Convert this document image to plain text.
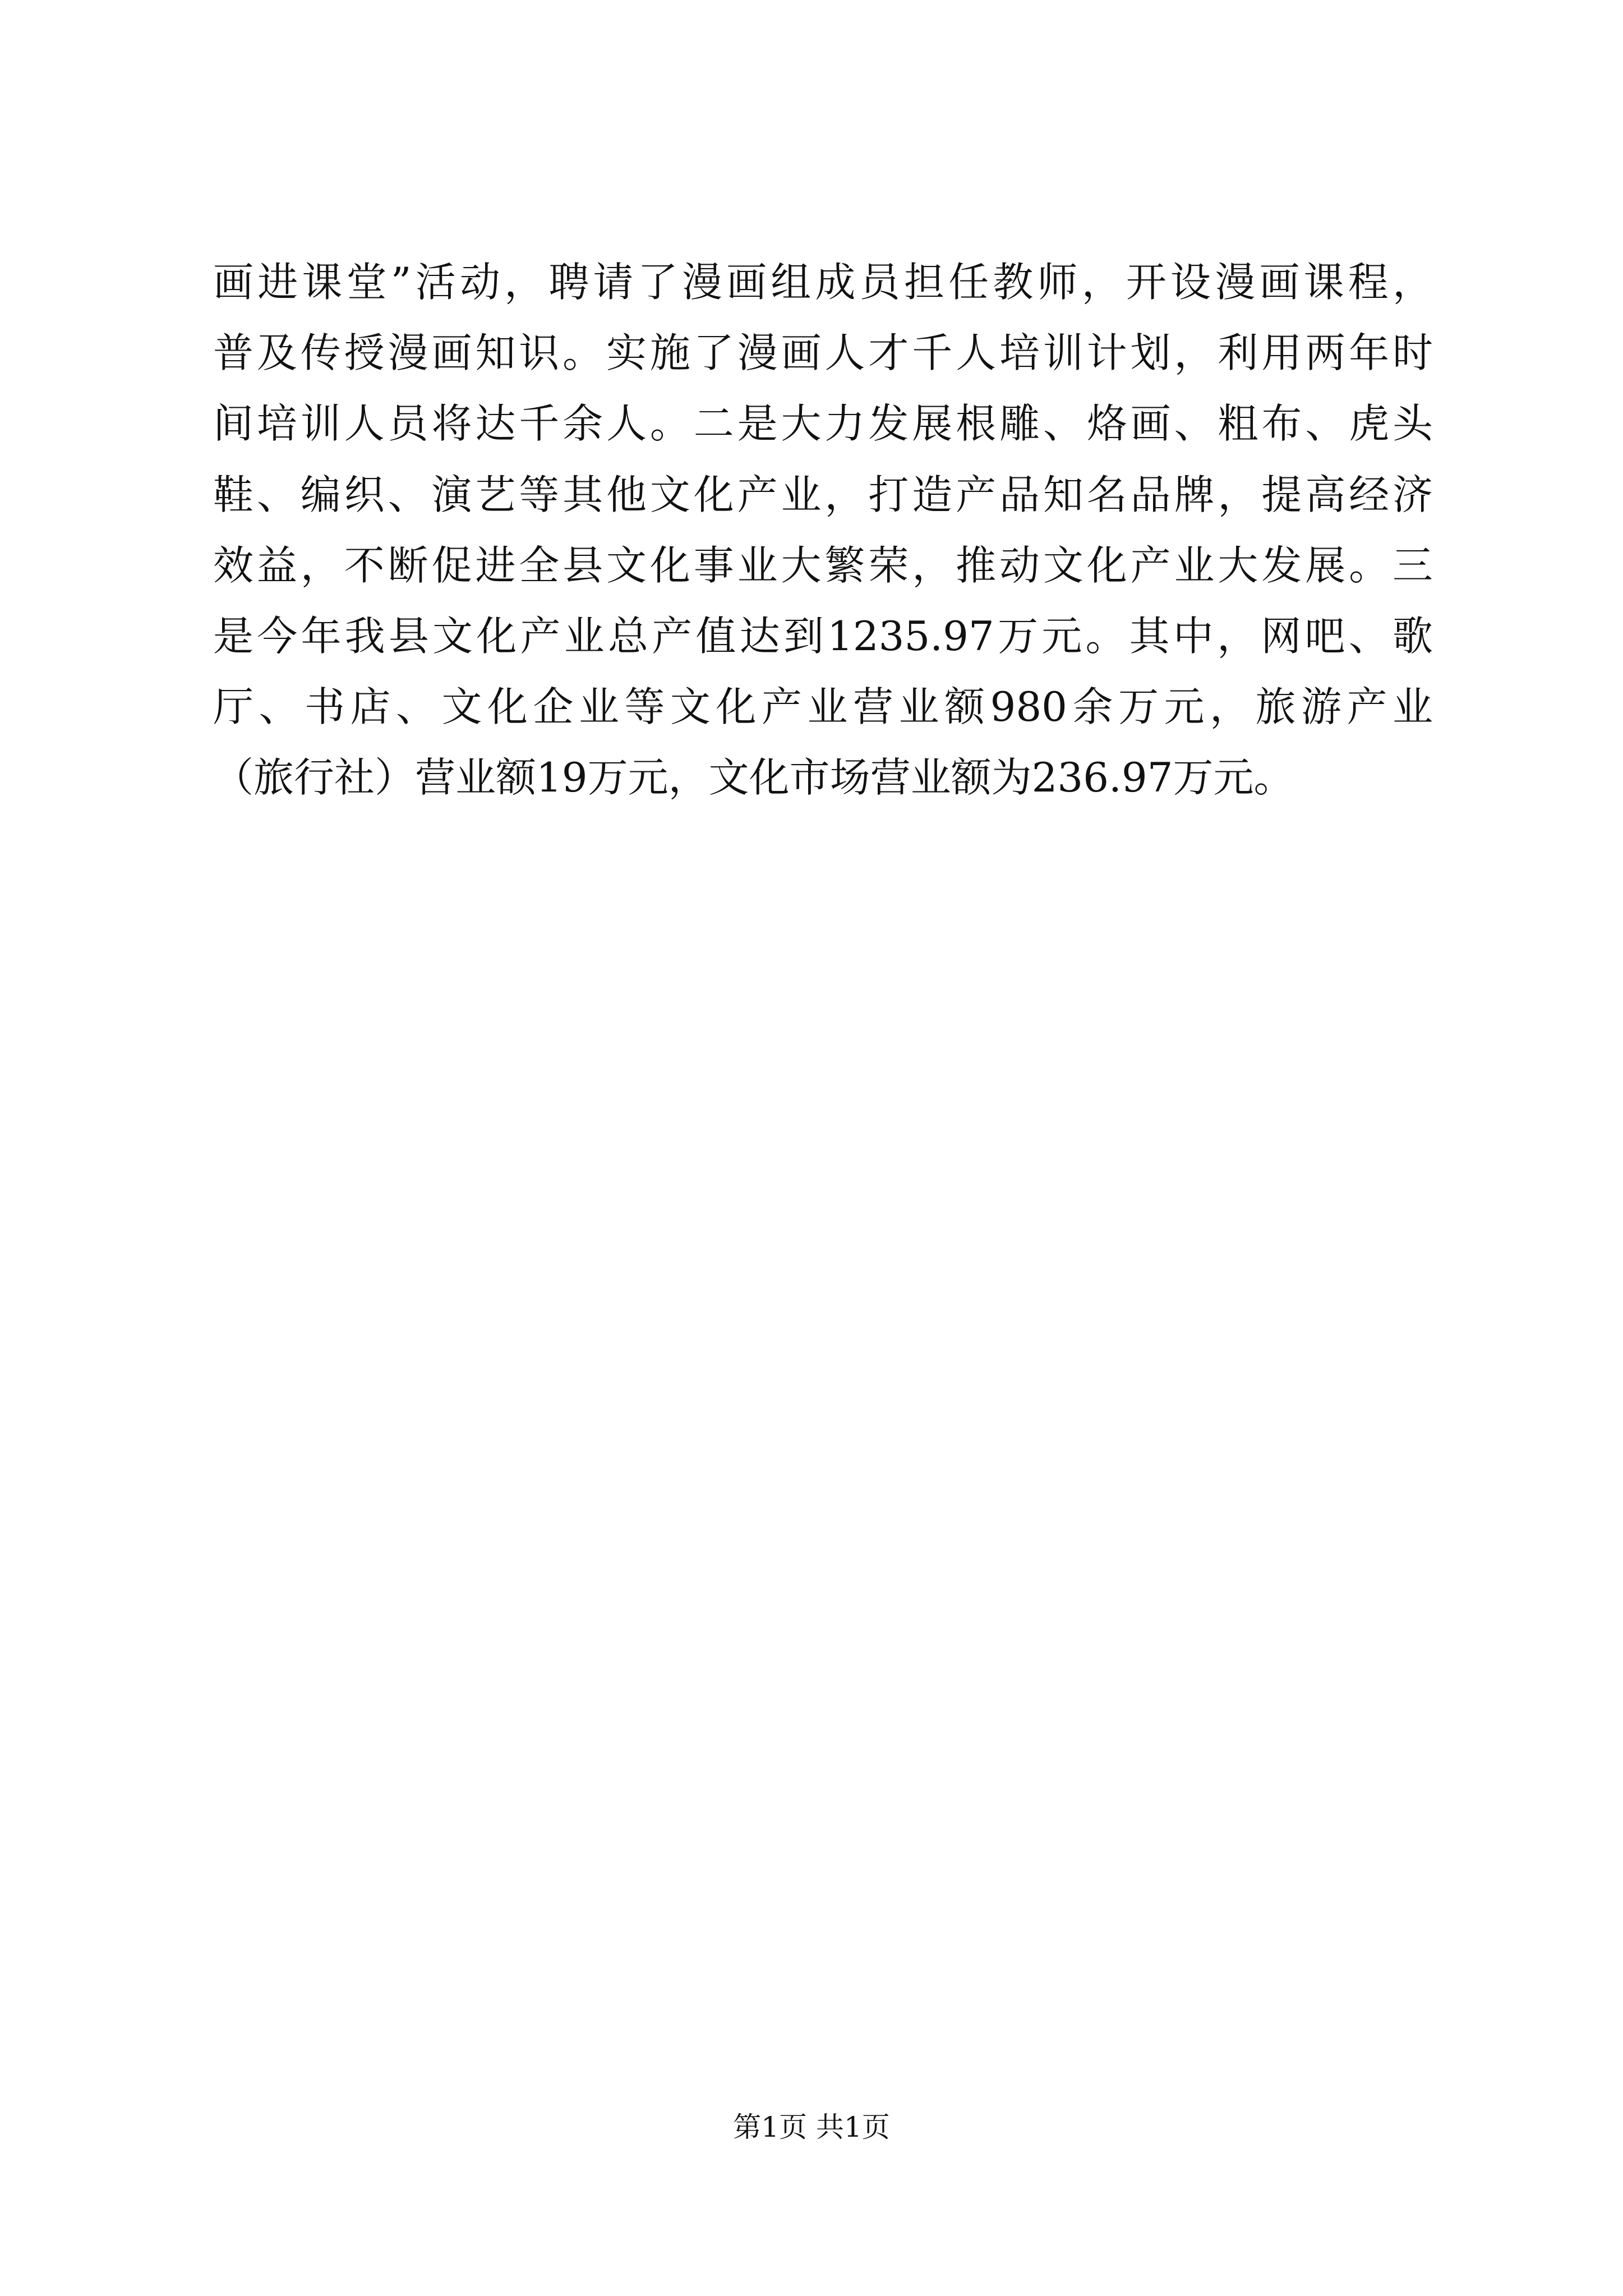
画进课堂”活动，聘请了漫画组成员担任教师，开设漫画课程，
普及传授漫画知识。实施了漫画人才千人培训计划，利用两年时
间培训人员将达千余人。二是大力发展根雕、烙画、粗布、虎头
鞋、编织、演艺等其他文化产业，打造产品知名品牌，提高经济
效益，不断促进全县文化事业大繁荣，推动文化产业大发展。三
是今年我县文化产业总产值达到1235.97万元。其中，网吧、歌
厅、书店、文化企业等文化产业营业额980余万元，旅游产业
（旅行社）营业额19万元，文化市场营业额为236.97万元。
第1页 共1页
